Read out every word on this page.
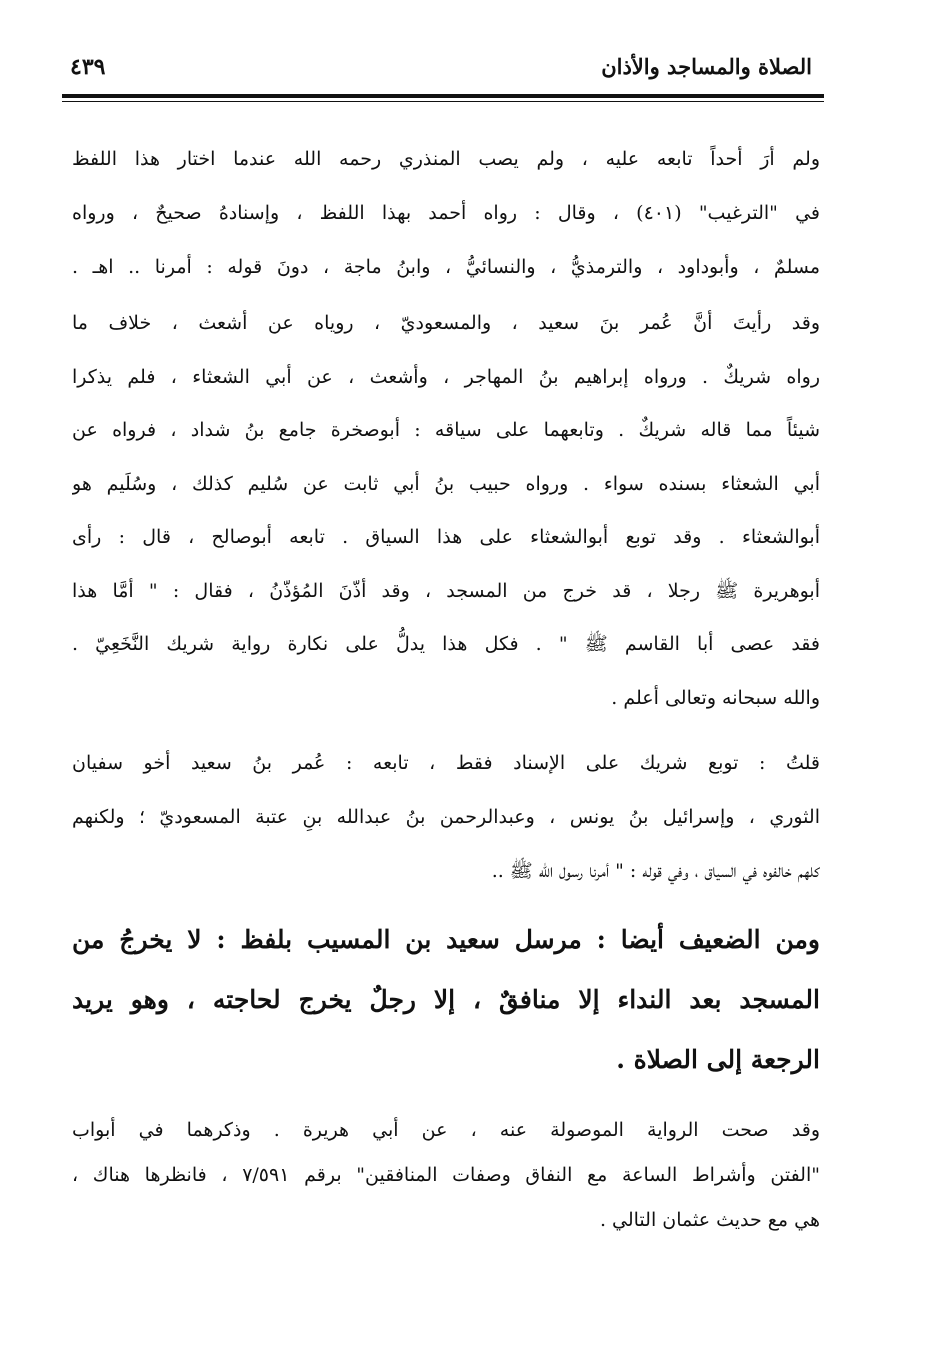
الصلاة والمساجد والأذان
٤٣٩
ولم أرَ أحداً تابعه عليه ، ولم يصب المنذري رحمه الله عندما اختار هذا اللفظ
في "الترغيب" (٤٠١) ، وقال : رواه أحمد بهذا اللفظ ، وإسنادهُ صحيحٌ ، ورواه
مسلمٌ ، وأبوداود ، والترمذيُّ ، والنسائيُّ ، وابنُ ماجة ، دونَ قوله : أمرنا .. اهـ .
وقد رأيتَ أنَّ عُمر بنَ سعيد ، والمسعوديّ ، روياه عن أشعث ، خلاف ما
رواه شريكٌ . ورواه إبراهيم بنُ المهاجر ، وأشعث ، عن أبي الشعثاء ، فلم يذكرا
شيئاً مما قاله شريكٌ . وتابعهما على سياقه : أبوصخرة جامع بنُ شداد ، فرواه عن
أبي الشعثاء بسنده سواء . ورواه حبيب بنُ أبي ثابت عن سُليم كذلك ، وسُلَيم هو
أبوالشعثاء . وقد توبع أبوالشعثاء على هذا السياق . تابعه أبوصالح ، قال : رأى
أبوهريرة ﷺ رجلا ، قد خرج من المسجد ، وقد أذّنَ المُؤذّنُ ، فقال : " أمَّا هذا
فقد عصى أبا القاسم ﷺ " . فكل هذا يدلُّ على نكارة رواية شريك النَّخَعِيّ .
والله سبحانه وتعالى أعلم .
قلتُ : توبع شريك على الإسناد فقط ، تابعه : عُمر بنُ سعيد أخو سفيان
الثوري ، وإسرائيل بنُ يونس ، وعبدالرحمن بنُ عبدالله بنِ عتبة المسعوديّ ؛ ولكنهم
كلهم خالفوه في السياق ، وفي قوله : " أمرنا رسول الله ﷺ ..
ومن الضعيف أيضا : مرسل سعيد بن المسيب بلفظ : لا يخرجُ من
المسجد بعد النداء إلا منافقٌ ، إلا رجلٌ يخرج لحاجته ، وهو يريد
الرجعة إلى الصلاة .
وقد صحت الرواية الموصولة عنه ، عن أبي هريرة . وذكرهما في أبواب
"الفتن وأشراط الساعة مع النفاق وصفات المنافقين" برقم ٧/٥٩١ ، فانظرها هناك ،
هي مع حديث عثمان التالي .
